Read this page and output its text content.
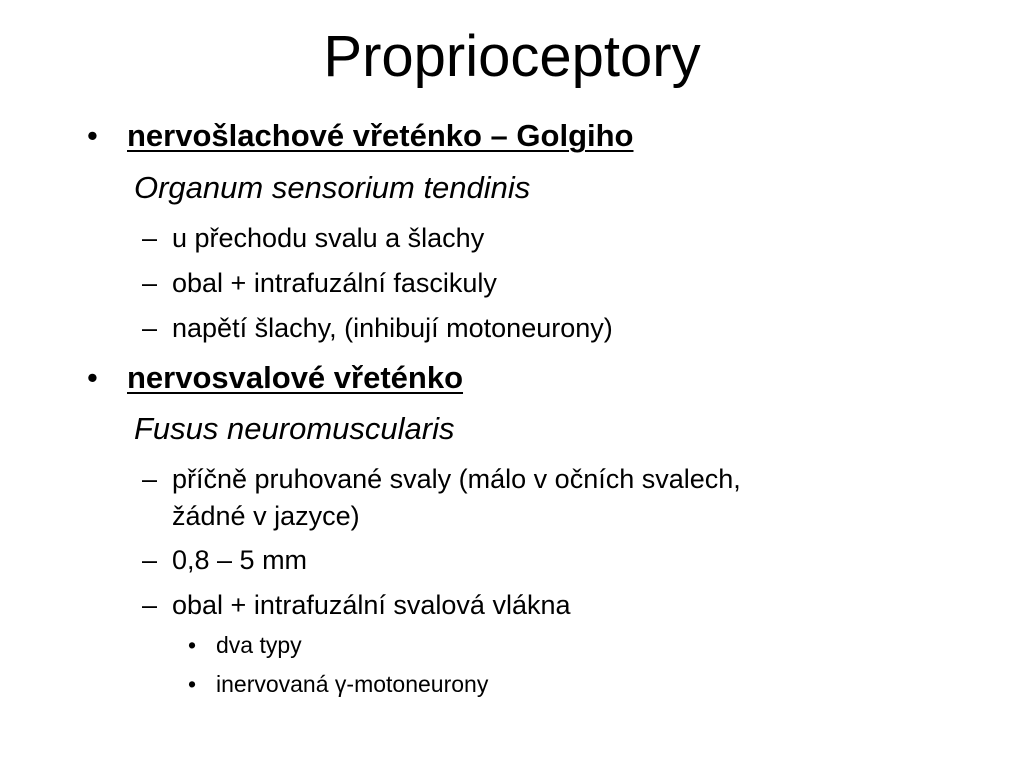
Proprioceptory
• nervošlachové vřeténko – Golgiho
Organum sensorium tendinis
– u přechodu svalu a šlachy
– obal + intrafuzální fascikuly
– napětí šlachy, (inhibují motoneurony)
• nervosvalové vřeténko
Fusus neuromuscularis
– příčně pruhované svaly (málo v očních svalech,
žádné v jazyce)
– 0,8 – 5 mm
– obal + intrafuzální svalová vlákna
• dva typy
• inervovaná γ-motoneurony
